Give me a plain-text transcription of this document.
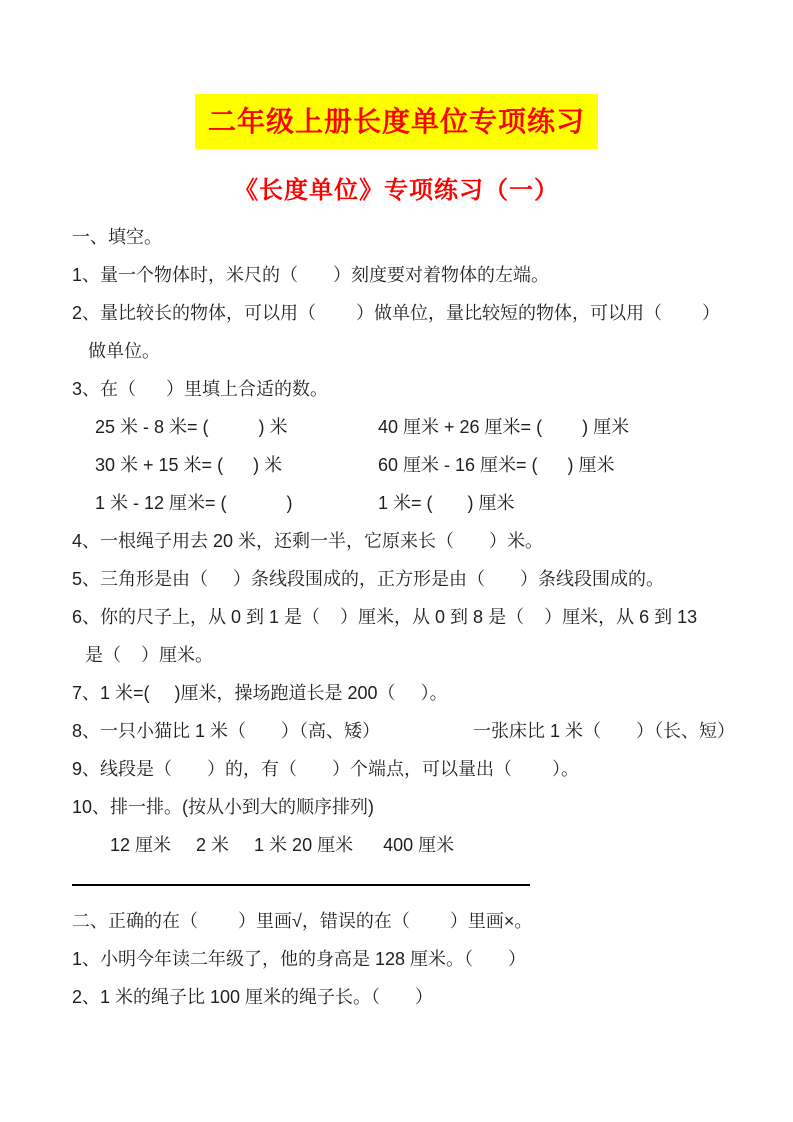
二年级上册长度单位专项练习
《长度单位》专项练习（一）
一、填空。
1、量一个物体时，米尺的（       ）刻度要对着物体的左端。
2、量比较长的物体，可以用（        ）做单位，量比较短的物体，可以用（        ）
做单位。
3、在（      ）里填上合适的数。
25 米 - 8 米= (          ) 米	40 厘米 + 26 厘米= (        ) 厘米
30 米 + 15 米= (      ) 米	60 厘米 - 16 厘米= (      ) 厘米
1 米 - 12 厘米= (            )	1 米= (       ) 厘米
4、一根绳子用去 20 米，还剩一半，它原来长（       ）米。
5、三角形是由（     ）条线段围成的，正方形是由（       ）条线段围成的。
6、你的尺子上，从 0 到 1 是（    ）厘米，从 0 到 8 是（    ）厘米，从 6 到 13
是（    ）厘米。
7、1 米=(     )厘米，操场跑道长是 200（     ）。
8、一只小猫比 1 米（       ）（高、矮）	一张床比 1 米（       ）（长、短）
9、线段是（       ）的，有（       ）个端点，可以量出（        ）。
10、排一排。(按从小到大的顺序排列)
12 厘米     2 米     1 米 20 厘米      400 厘米
二、正确的在（        ）里画√，错误的在（        ）里画×。
1、小明今年读二年级了，他的身高是 128 厘米。（       ）
2、1 米的绳子比 100 厘米的绳子长。（       ）
